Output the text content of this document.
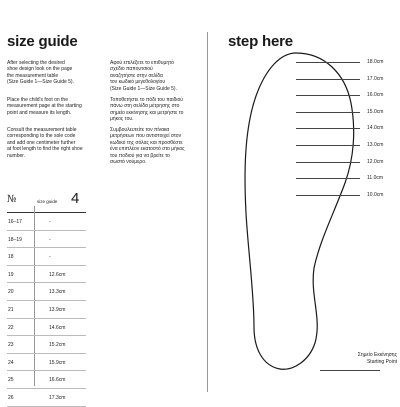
size guide
After selecting the desired
shoe design look on the page
the measurement table
(Size Guide 1—Size Guide 5).
Place the child's foot on the
measurement page at the starting
point and measure its length.
Consult the measurement table
corresponding to the sole code
and add one centimeter further
at foot length to find the right shoe
number.
Αφού επιλέξετε το επιθυμητό
σχέδιο παπουτσιού
αναζητήστε στην σελίδα
τον κωδικό μεγεθολογίου
(Size Guide 1—Size Guide 5).
Τοποθετήστε το πόδι του παιδιού
πάνω στη σελίδα μέτρησης στο
σημείο εκκίνησης και μετρήστε το
μήκος του.
Συμβουλευτείτε τον πίνακα
μετρήσεων που αντιστοιχεί στον
κωδικό της σόλας και προσθέστε
ένα επιπλέον εκατοστό στο μήκος
του ποδιού για να βρείτε το
σωστό νούμερο.
№	size guide 4
16–17	-
18–19	-
18	-
19	12.6cm
20	13.3cm
21	13.9cm
22	14.6cm
23	15.2cm
24	15.9cm
25	16.6cm
26	17.3cm
step here
18.0cm
17.0cm
16.0cm
15.0cm
14.0cm
13.0cm
12.0cm
11.0cm
10.0cm
Σημείο Εκκίνησης
Starting Point
